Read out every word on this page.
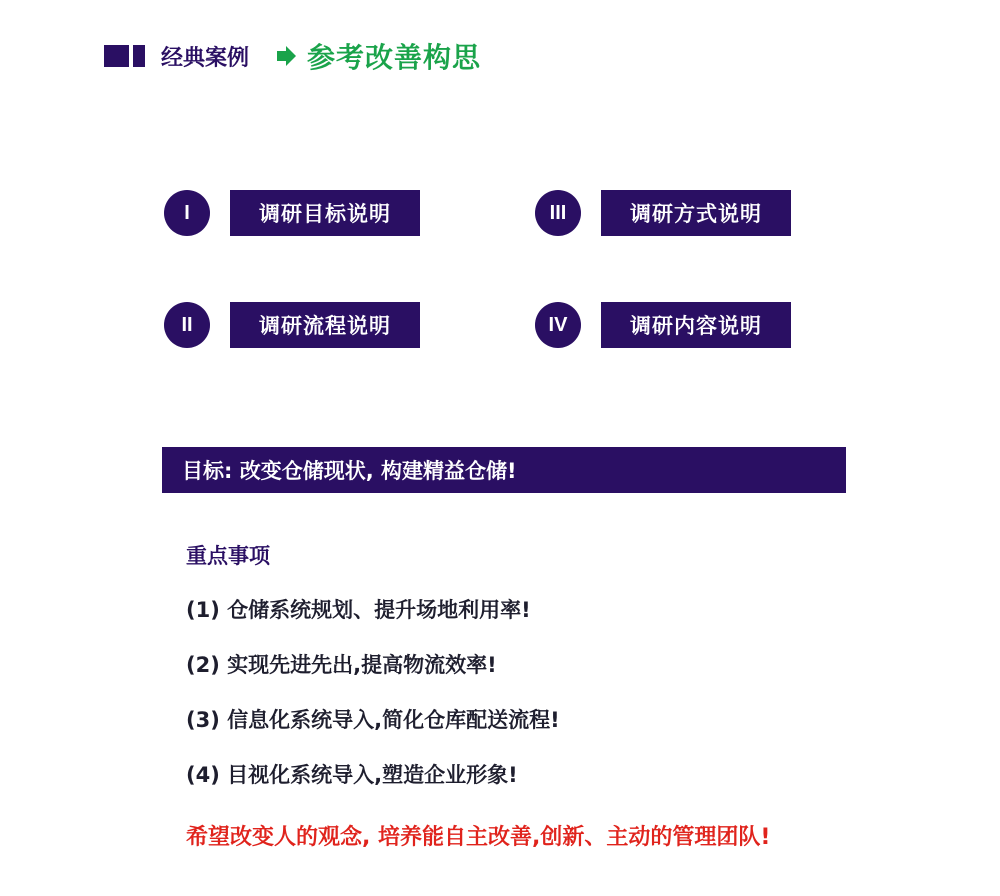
经典案例 参考改善构思
I	调研目标说明
II	调研流程说明
III	调研方式说明
IV	调研内容说明
目标: 改变仓储现状, 构建精益仓储!
重点事项
(1) 仓储系统规划、提升场地利用率!
(2) 实现先进先出,提高物流效率!
(3) 信息化系统导入,简化仓库配送流程!
(4) 目视化系统导入,塑造企业形象!
希望改变人的观念, 培养能自主改善,创新、主动的管理团队!
